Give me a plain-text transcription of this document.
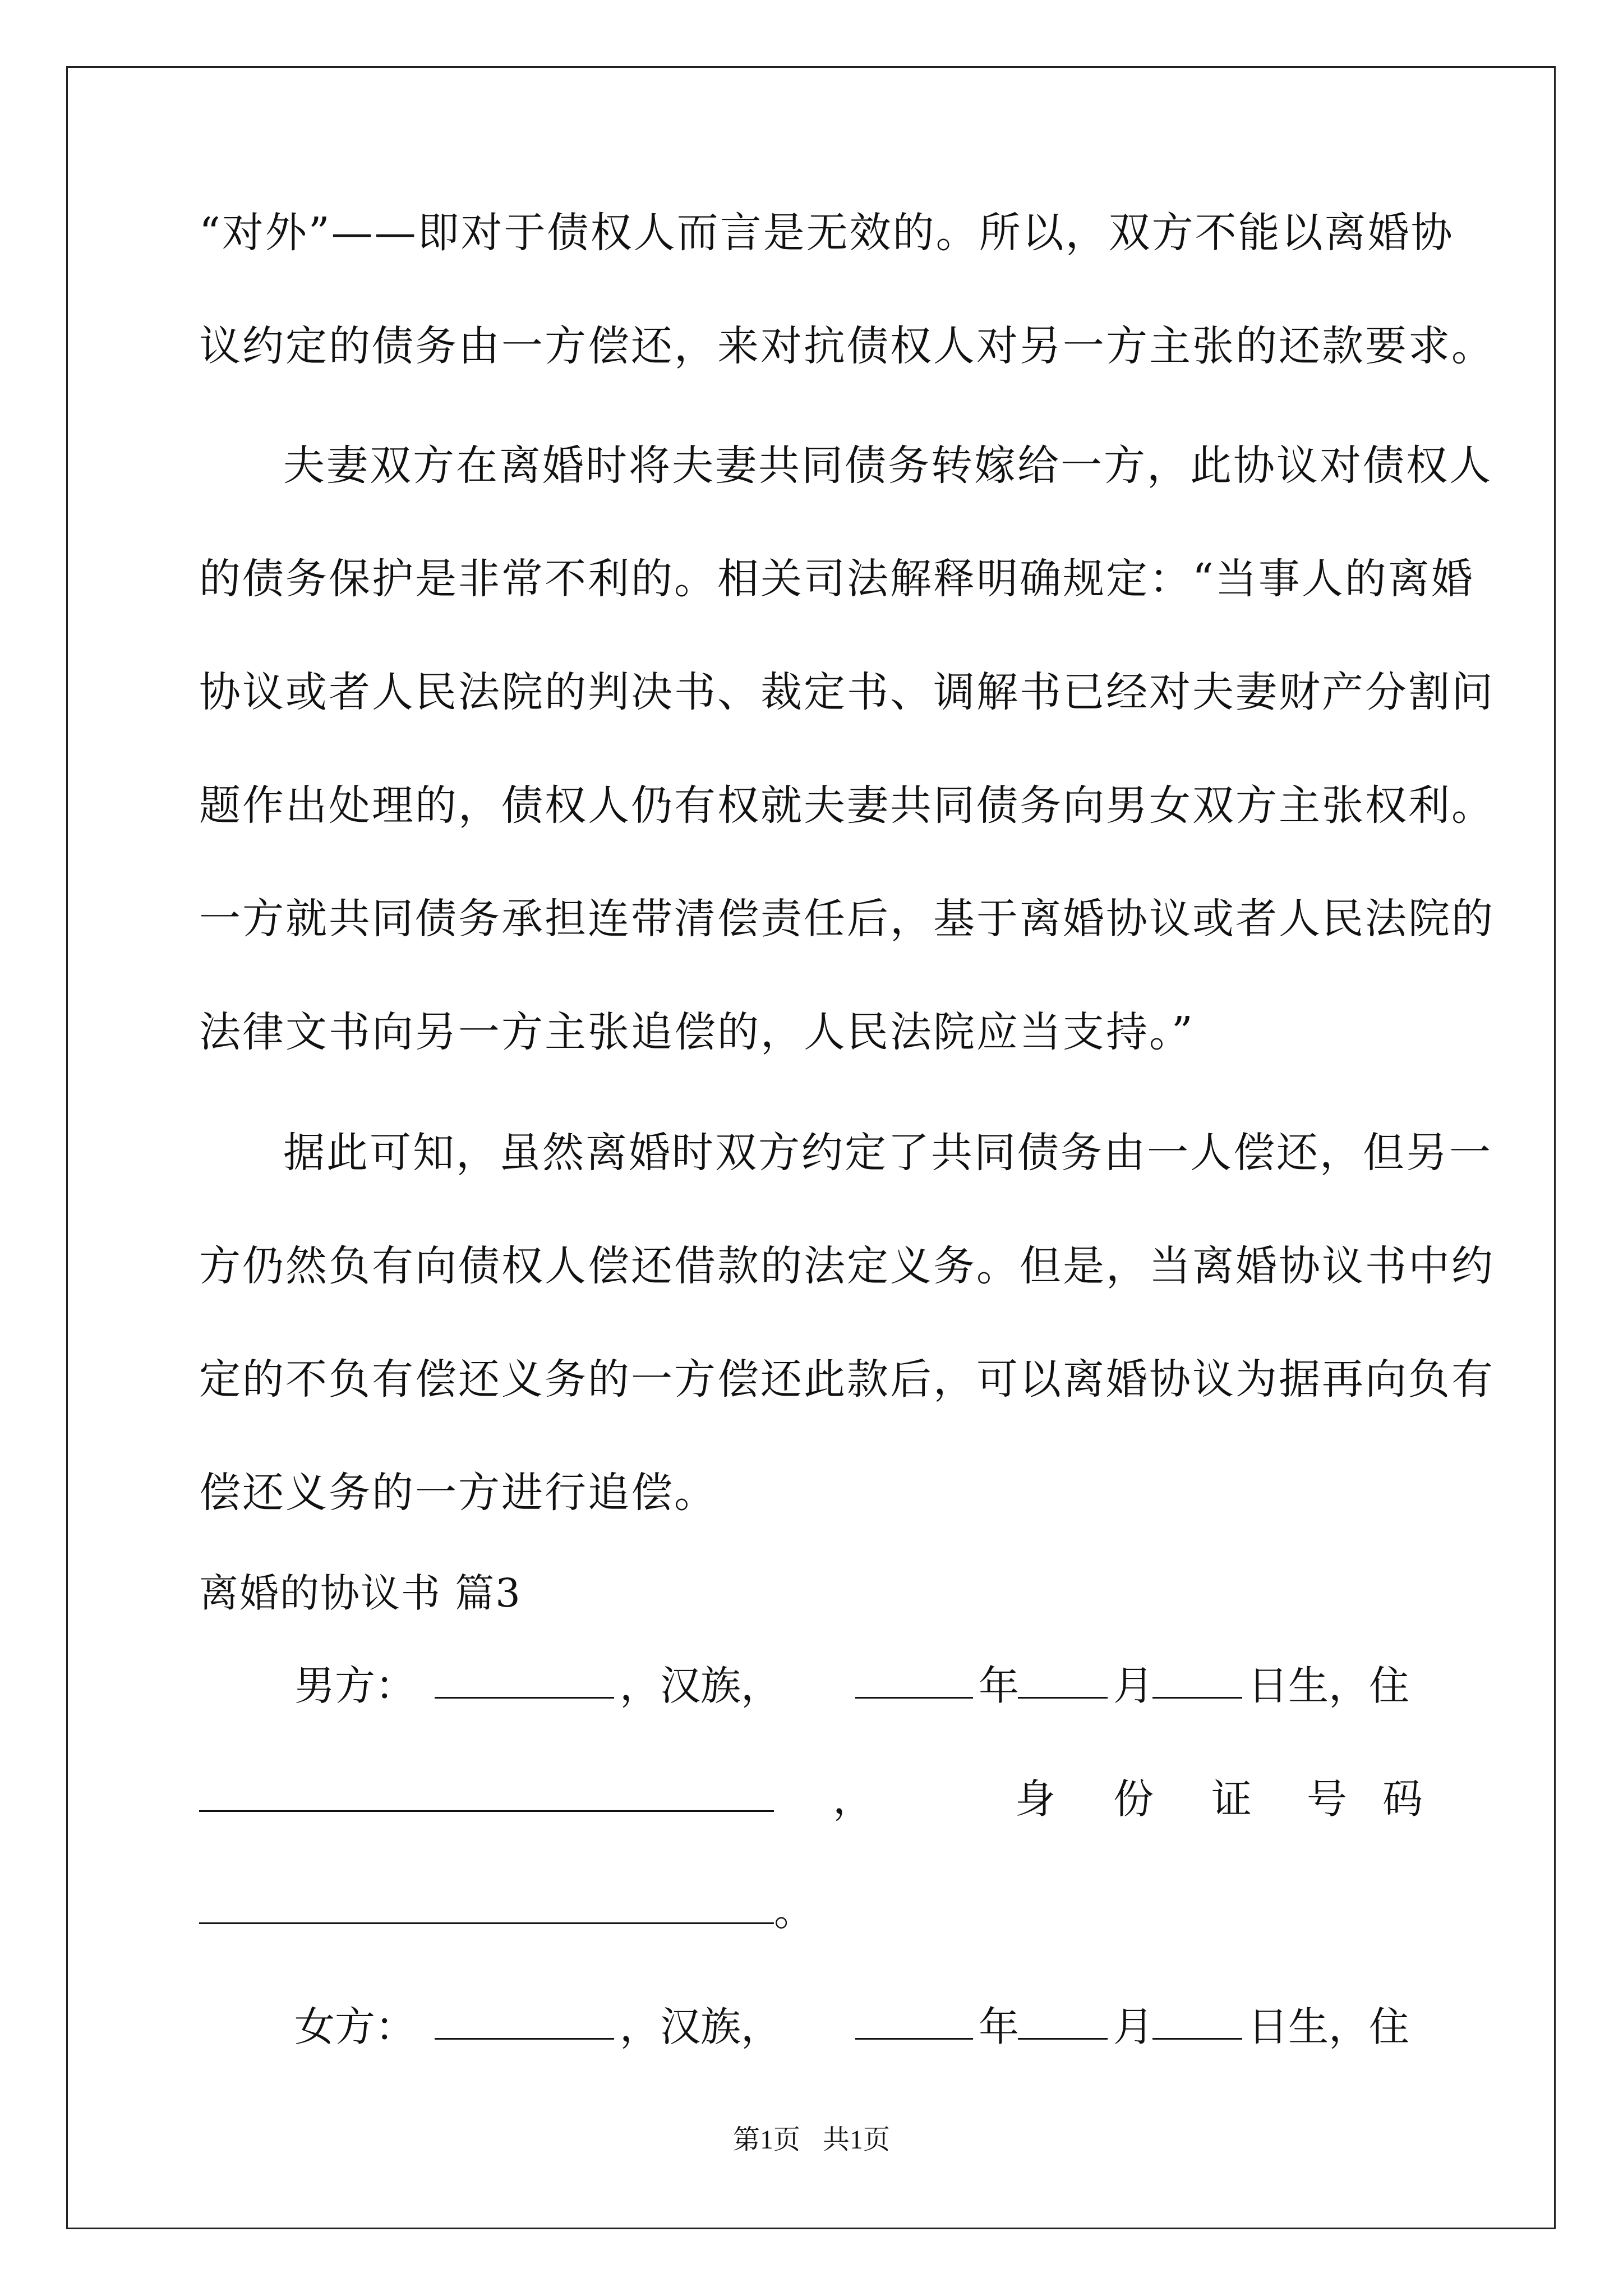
“对外”——即对于债权人而言是无效的。所以，双方不能以离婚协
议约定的债务由一方偿还，来对抗债权人对另一方主张的还款要求。
夫妻双方在离婚时将夫妻共同债务转嫁给一方，此协议对债权人
的债务保护是非常不利的。相关司法解释明确规定：“当事人的离婚
协议或者人民法院的判决书、裁定书、调解书已经对夫妻财产分割问
题作出处理的，债权人仍有权就夫妻共同债务向男女双方主张权利。
一方就共同债务承担连带清偿责任后，基于离婚协议或者人民法院的
法律文书向另一方主张追偿的，人民法院应当支持。”
据此可知，虽然离婚时双方约定了共同债务由一人偿还，但另一
方仍然负有向债权人偿还借款的法定义务。但是，当离婚协议书中约
定的不负有偿还义务的一方偿还此款后，可以离婚协议为据再向负有
偿还义务的一方进行追偿。
离婚的协议书 篇3
男方：	，汉族，	年 月 日生，住
，	身 份 证 号 码
。
女方：	，汉族，	年 月 日生，住
第1页 共1页
